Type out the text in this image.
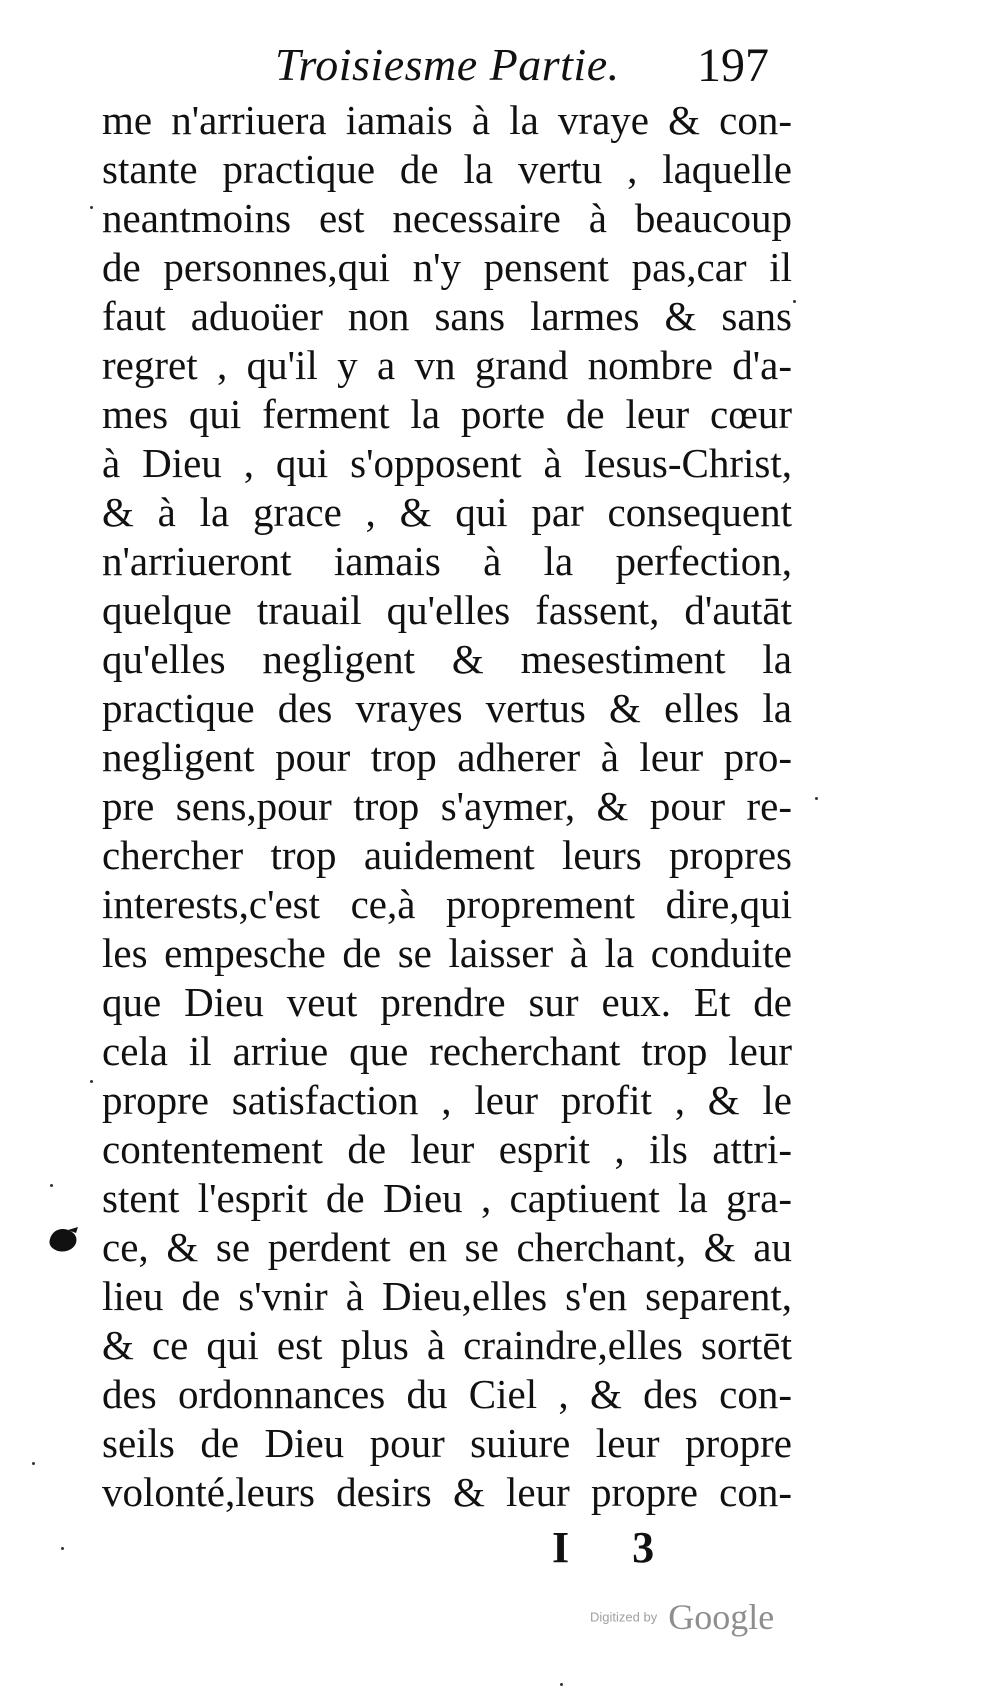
Troisiesme Partie. 197
me n'arriuera iamais à la vraye & con-
stante practique de la vertu , laquelle
neantmoins est necessaire à beaucoup
de personnes,qui n'y pensent pas,car il
faut aduoüer non sans larmes & sans
regret , qu'il y a vn grand nombre d'a-
mes qui ferment la porte de leur cœur
à Dieu , qui s'opposent à Iesus-Christ,
& à la grace , & qui par consequent
n'arriueront iamais à la perfection,
quelque trauail qu'elles fassent, d'autāt
qu'elles negligent & mesestiment la
practique des vrayes vertus & elles la
negligent pour trop adherer à leur pro-
pre sens,pour trop s'aymer, & pour re-
chercher trop auidement leurs propres
interests,c'est ce,à proprement dire,qui
les empesche de se laisser à la conduite
que Dieu veut prendre sur eux. Et de
cela il arriue que recherchant trop leur
propre satisfaction , leur profit , & le
contentement de leur esprit , ils attri-
stent l'esprit de Dieu , captiuent la gra-
ce, & se perdent en se cherchant, & au
lieu de s'vnir à Dieu,elles s'en separent,
& ce qui est plus à craindre,elles sortēt
des ordonnances du Ciel , & des con-
seils de Dieu pour suiure leur propre
volonté,leurs desirs & leur propre con-
I 3
Digitized by Google
